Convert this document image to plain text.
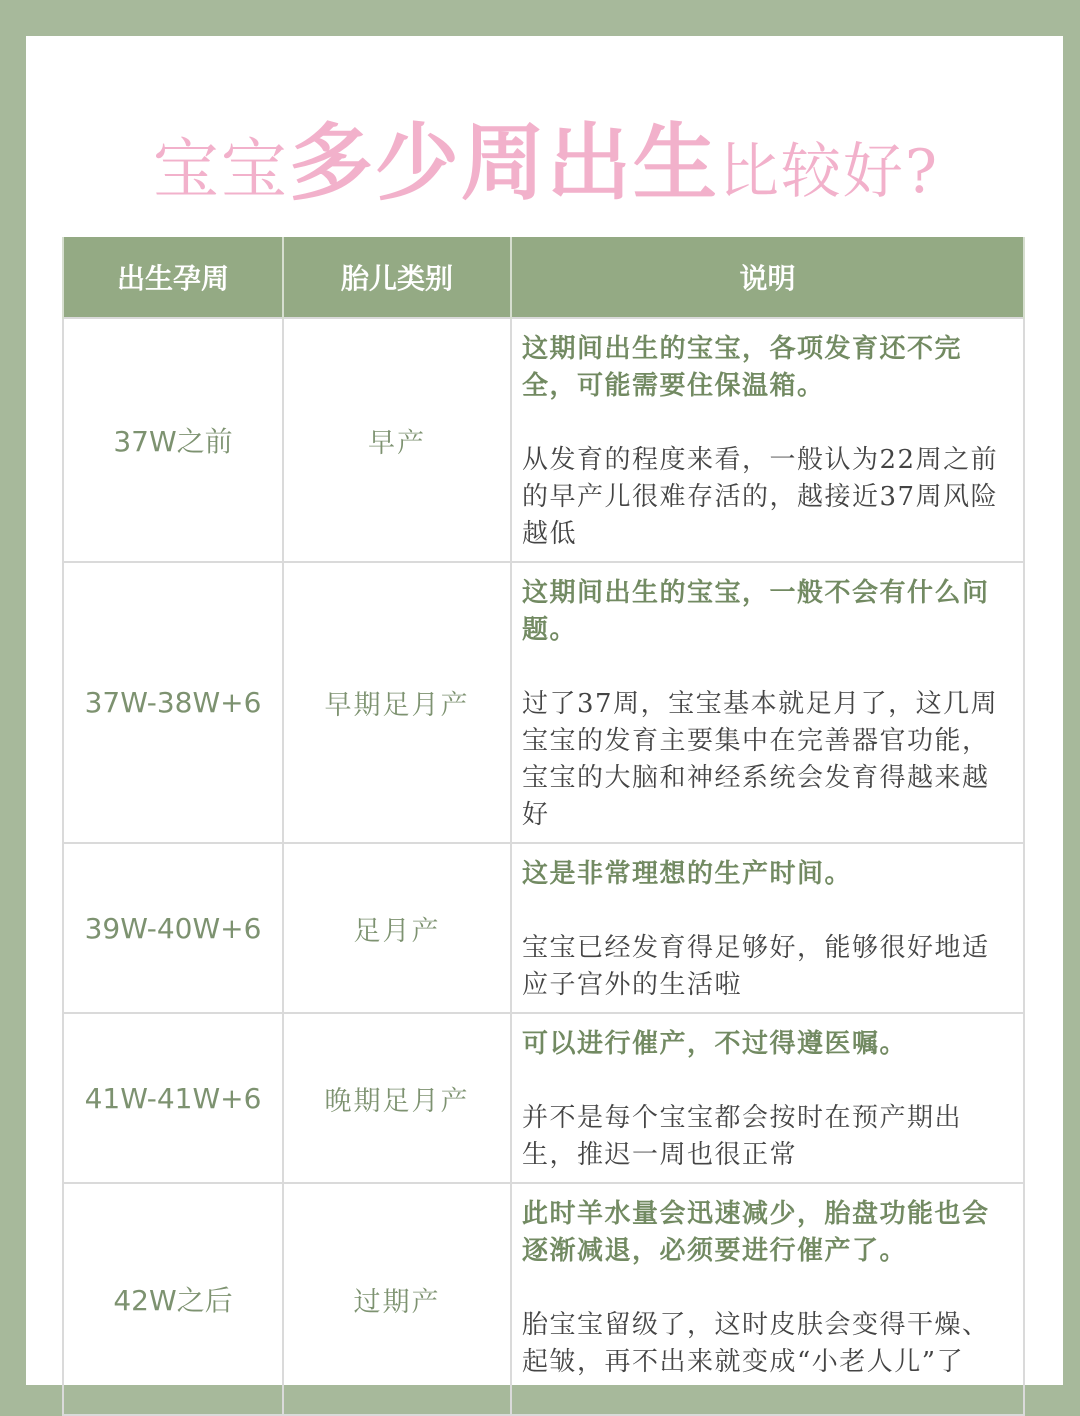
宝宝多少周出生比较好?
出生孕周	胎儿类别	说明
37W之前	早产	这期间出生的宝宝，各项发育还不完全，可能需要住保温箱。
从发育的程度来看，一般认为22周之前的早产儿很难存活的，越接近37周风险越低

37W-38W+6	早期足月产	这期间出生的宝宝，一般不会有什么问题。
过了37周，宝宝基本就足月了，这几周宝宝的发育主要集中在完善器官功能，宝宝的大脑和神经系统会发育得越来越好

39W-40W+6	足月产	这是非常理想的生产时间。
宝宝已经发育得足够好，能够很好地适应子宫外的生活啦

41W-41W+6	晚期足月产	可以进行催产，不过得遵医嘱。
并不是每个宝宝都会按时在预产期出生，推迟一周也很正常

42W之后	过期产	此时羊水量会迅速减少，胎盘功能也会逐渐减退，必须要进行催产了。
胎宝宝留级了，这时皮肤会变得干燥、起皱，再不出来就变成“小老人儿”了
